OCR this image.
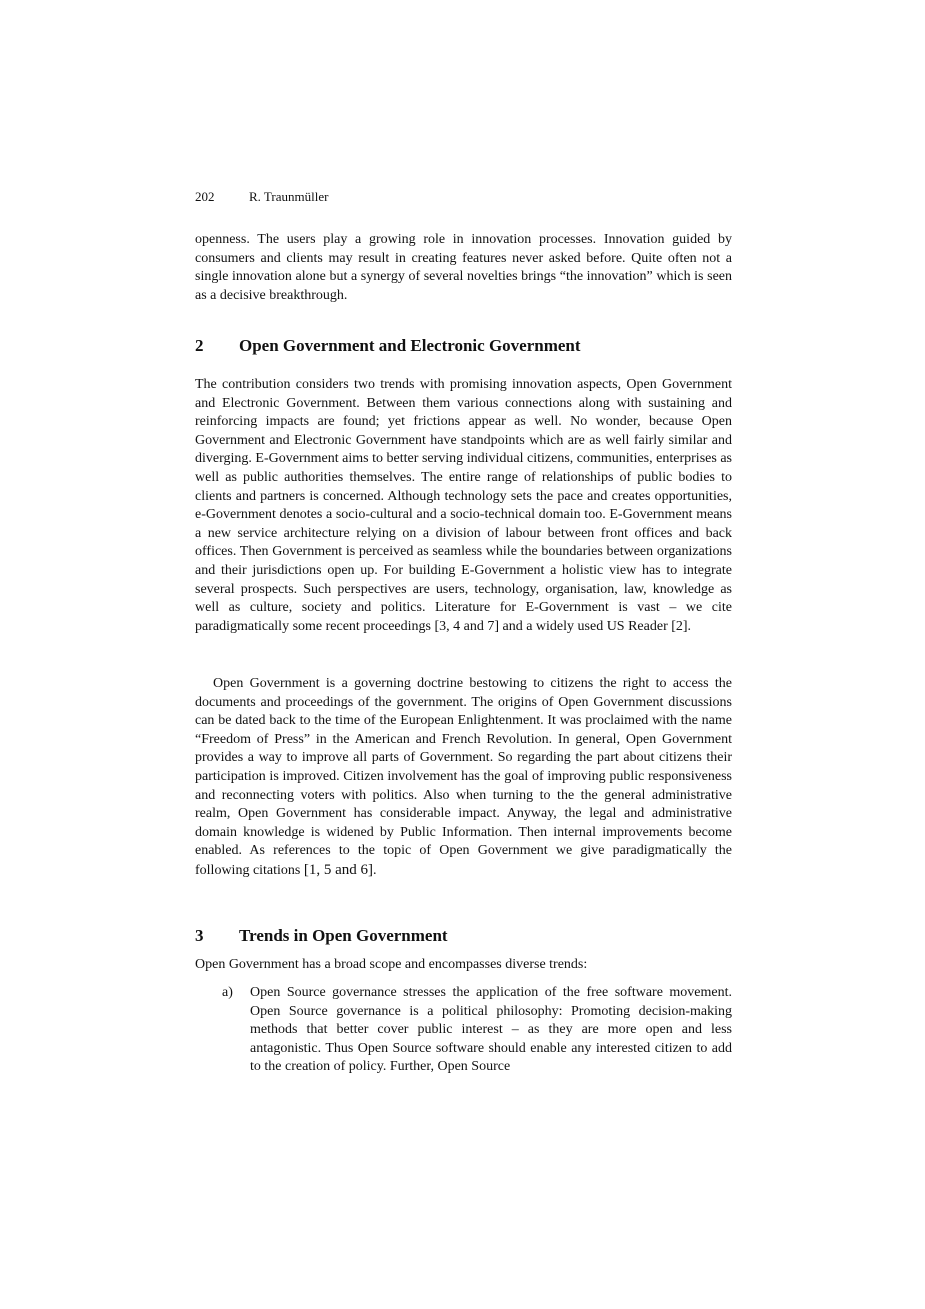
202	R. Traunmüller

openness. The users play a growing role in innovation processes. Innovation guided by consumers and clients may result in creating features never asked before. Quite often not a single innovation alone but a synergy of several novelties brings “the innovation” which is seen as a decisive breakthrough.

2 Open Government and Electronic Government

The contribution considers two trends with promising innovation aspects, Open Government and Electronic Government. Between them various connections along with sustaining and reinforcing impacts are found; yet frictions appear as well. No wonder, because Open Government and Electronic Government have standpoints which are as well fairly similar and diverging. E-Government aims to better serving individual citizens, communities, enterprises as well as public authorities themselves. The entire range of relationships of public bodies to clients and partners is concerned. Although technology sets the pace and creates opportunities, e-Government denotes a socio-cultural and a socio-technical domain too. E-Government means a new service architecture relying on a division of labour between front offices and back offices. Then Government is perceived as seamless while the boundaries between organizations and their jurisdictions open up. For building E-Government a holistic view has to integrate several prospects. Such perspectives are users, technology, organisation, law, knowledge as well as culture, society and politics. Literature for E-Government is vast – we cite paradigmatically some recent proceedings [3, 4 and 7] and a widely used US Reader [2].

Open Government is a governing doctrine bestowing to citizens the right to access the documents and proceedings of the government. The origins of Open Government discussions can be dated back to the time of the European Enlightenment. It was proclaimed with the name “Freedom of Press” in the American and French Revolution. In general, Open Government provides a way to improve all parts of Government. So regarding the part about citizens their participation is improved. Citizen involvement has the goal of improving public responsiveness and reconnecting voters with politics. Also when turning to the the general administrative realm, Open Government has considerable impact. Anyway, the legal and administrative domain knowledge is widened by Public Information. Then internal improvements become enabled. As references to the topic of Open Government we give paradigmatically the following citations [1, 5 and 6].

3 Trends in Open Government

Open Government has a broad scope and encompasses diverse trends:

a)	Open Source governance stresses the application of the free software movement. Open Source governance is a political philosophy: Promoting decision-making methods that better cover public interest – as they are more open and less antagonistic. Thus Open Source software should enable any interested citizen to add to the creation of policy. Further, Open Source
